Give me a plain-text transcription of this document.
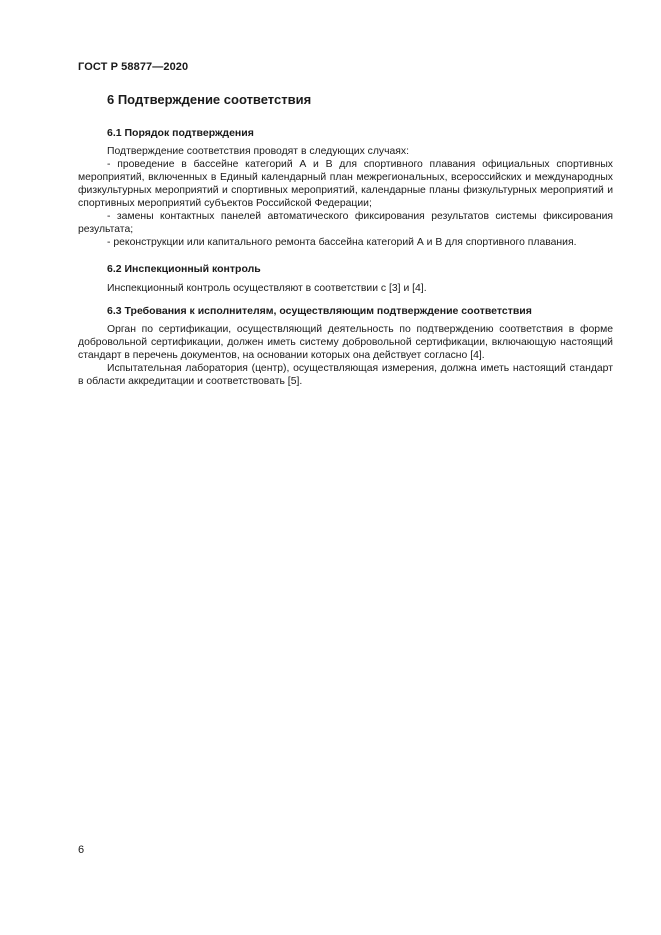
ГОСТ Р 58877—2020
6 Подтверждение соответствия
6.1 Порядок подтверждения

Подтверждение соответствия проводят в следующих случаях:

- проведение в бассейне категорий А и В для спортивного плавания официальных спортивных мероприятий, включенных в Единый календарный план межрегиональных, всероссийских и международных физкультурных мероприятий и спортивных мероприятий, календарные планы физкультурных мероприятий и спортивных мероприятий субъектов Российской Федерации;

- замены контактных панелей автоматического фиксирования результатов системы фиксирования результата;

- реконструкции или капитального ремонта бассейна категорий А и В для спортивного плавания.

6.2 Инспекционный контроль

Инспекционный контроль осуществляют в соответствии с [3] и [4].

6.3 Требования к исполнителям, осуществляющим подтверждение соответствия

Орган по сертификации, осуществляющий деятельность по подтверждению соответствия в форме добровольной сертификации, должен иметь систему добровольной сертификации, включающую настоящий стандарт в перечень документов, на основании которых она действует согласно [4].

Испытательная лаборатория (центр), осуществляющая измерения, должна иметь настоящий стандарт в области аккредитации и соответствовать [5].

6
